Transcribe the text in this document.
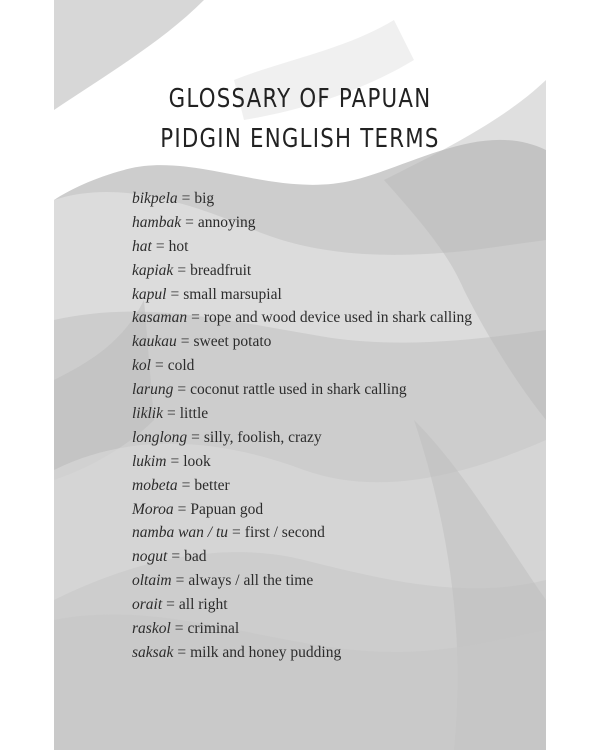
GLOSSARY OF PAPUAN
PIDGIN ENGLISH TERMS
bikpela = big
hambak = annoying
hat = hot
kapiak = breadfruit
kapul = small marsupial
kasaman = rope and wood device used in shark calling
kaukau = sweet potato
kol = cold
larung = coconut rattle used in shark calling
liklik = little
longlong = silly, foolish, crazy
lukim = look
mobeta = better
Moroa = Papuan god
namba wan / tu = first / second
nogut = bad
oltaim = always / all the time
orait = all right
raskol = criminal
saksak = milk and honey pudding
